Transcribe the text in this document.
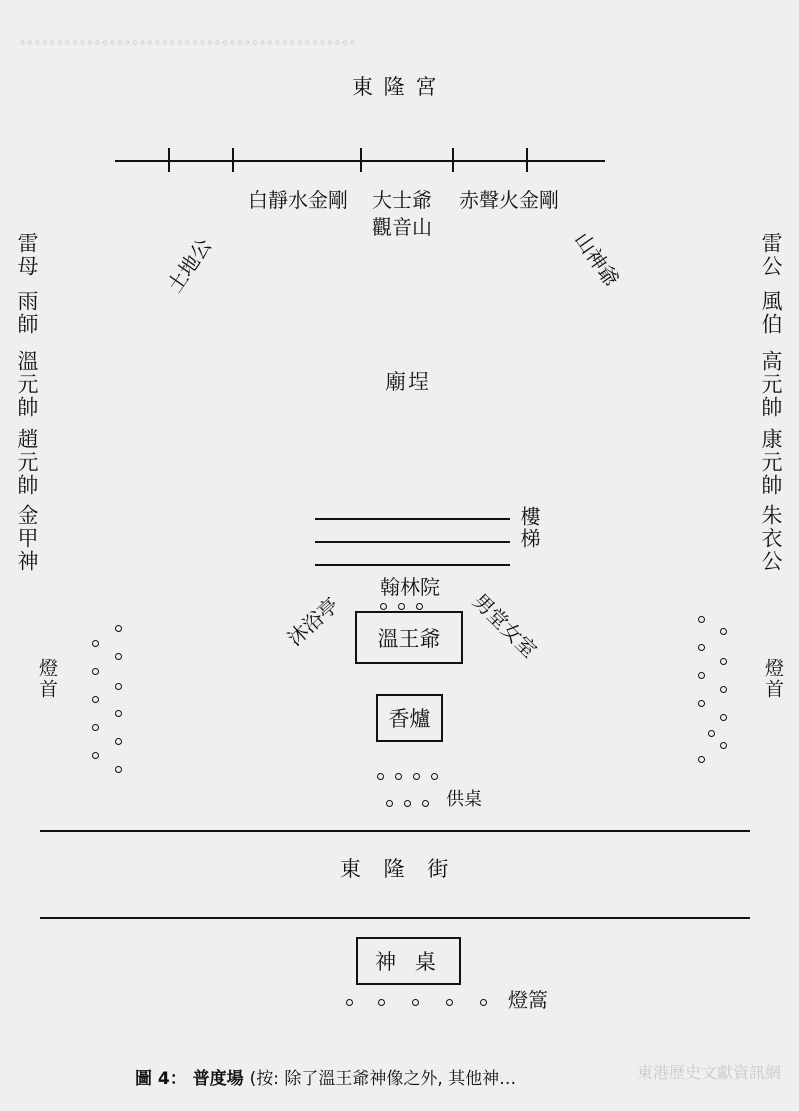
。。。。。。。。。。。。。。。。。。。。。。。。。。。。。。。。。。。。。。。。。。。。。
東 隆 宮
白靜水金剛 大士爺
觀音山
赤聲火金剛
土地公	山神爺
雷母
雨師
溫元帥
趙元帥
金甲神
雷公
風伯
高元帥
康元帥
朱衣公
廟埕
樓梯
翰林院
沐浴亭	男堂女室
溫王爺
香爐
供桌
燈首	燈首
東 隆 街
神 桌
燈篙
圖 4： 普度場 (按: 除了溫王爺神像之外, 其他神…	東港歷史文獻資訊網
